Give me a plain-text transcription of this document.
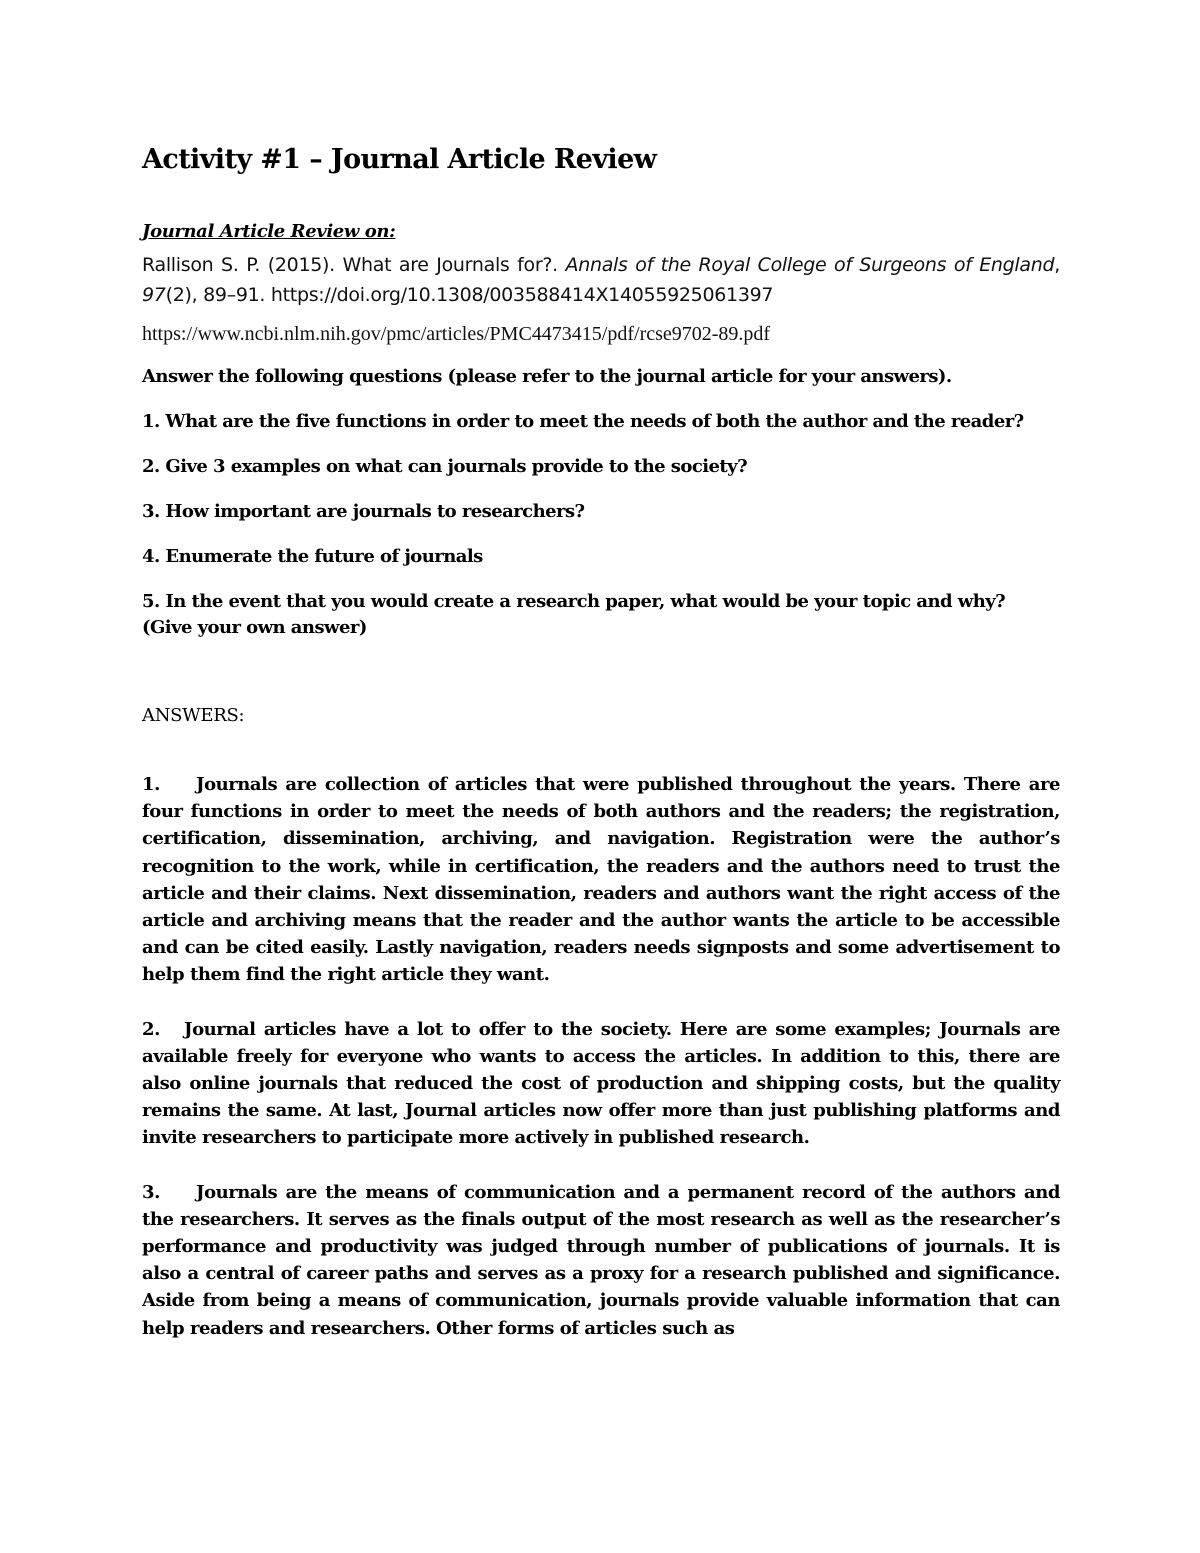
Activity #1 – Journal Article Review
Journal Article Review on:
Rallison S. P. (2015). What are Journals for?. Annals of the Royal College of Surgeons of England, 97(2), 89–91. https://doi.org/10.1308/003588414X14055925061397
https://www.ncbi.nlm.nih.gov/pmc/articles/PMC4473415/pdf/rcse9702-89.pdf
Answer the following questions (please refer to the journal article for your answers).
1. What are the five functions in order to meet the needs of both the author and the reader?
2. Give 3 examples on what can journals provide to the society?
3. How important are journals to researchers?
4. Enumerate the future of journals
5. In the event that you would create a research paper, what would be your topic and why?
(Give your own answer)
ANSWERS:
1. Journals are collection of articles that were published throughout the years. There are four functions in order to meet the needs of both authors and the readers; the registration, certification, dissemination, archiving, and navigation. Registration were the author’s recognition to the work, while in certification, the readers and the authors need to trust the article and their claims. Next dissemination, readers and authors want the right access of the article and archiving means that the reader and the author wants the article to be accessible and can be cited easily. Lastly navigation, readers needs signposts and some advertisement to help them find the right article they want.
2. Journal articles have a lot to offer to the society. Here are some examples; Journals are available freely for everyone who wants to access the articles. In addition to this, there are also online journals that reduced the cost of production and shipping costs, but the quality remains the same. At last, Journal articles now offer more than just publishing platforms and invite researchers to participate more actively in published research.
3. Journals are the means of communication and a permanent record of the authors and the researchers. It serves as the finals output of the most research as well as the researcher’s performance and productivity was judged through number of publications of journals. It is also a central of career paths and serves as a proxy for a research published and significance. Aside from being a means of communication, journals provide valuable information that can help readers and researchers. Other forms of articles such as
